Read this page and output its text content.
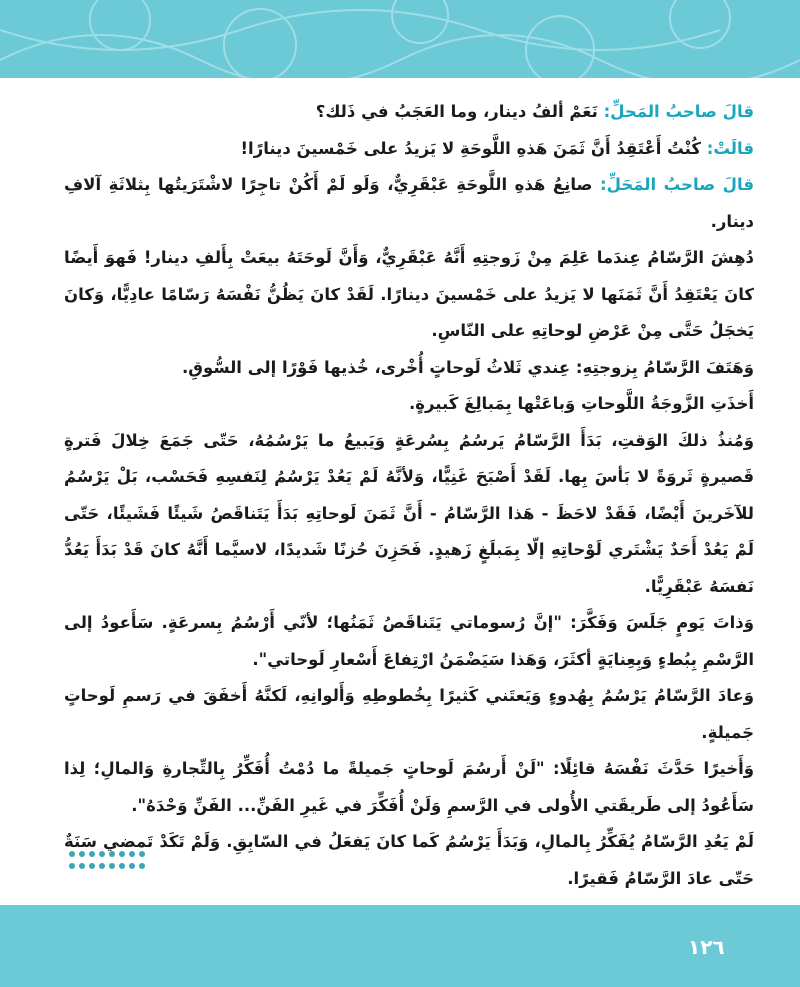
قالَ صاحبُ المَحلِّ: نَعَمْ ألفُ دينار، وما العَجَبُ في ذَلك؟

قالَتْ: كُنْتُ أَعْتَقِدُ أَنَّ ثَمَنَ هَذهِ اللَّوحَةِ لا يَزيدُ على خَمْسينَ دينارًا!

قالَ صاحبُ المَحَلِّ: صانِعُ هَذهِ اللَّوحَةِ عَبْقَرِيٌّ، وَلَو لَمْ أَكُنْ تاجِرًا لاشْتَرَيتُها بِثلاثَةِ آلافِ دينار.

دُهِشَ الرَّسّامُ عِندَما عَلِمَ مِنْ زَوجتِهِ أَنَّهُ عَبْقَرِيٌّ، وَأَنَّ لَوحَتَهُ بيعَتْ بِأَلفِ دينار! فَهوَ أَيضًا كانَ يَعْتَقِدُ أَنَّ ثَمَنَها لا يَزيدُ على خَمْسينَ دينارًا. لَقَدْ كانَ يَظُنُّ نَفْسَهُ رَسّامًا عادِيًّا، وَكانَ يَخجَلُ حَتَّى مِنْ عَرْضِ لوحاتِهِ على النّاسِ.

وَهَتَفَ الرَّسّامُ بِزوجتِهِ: عِندي ثَلاثُ لَوحاتٍ أُخْرى، خُذيها فَوْرًا إلى السُّوقِ.

أَخذَتِ الزَّوجَةُ اللَّوحاتِ وَباعَتْها بِمَبالِغَ كَبيرةٍ.

وَمُنذُ ذلكَ الوَقتِ، بَدَأَ الرَّسّامُ يَرسُمُ بِسُرعَةٍ وَيَبيعُ ما يَرْسُمُهُ، حَتّى جَمَعَ خِلالَ فَترةٍ قَصيرةٍ ثَروَةً لا بَأسَ بِها. لَقَدْ أَصْبَحَ غَنِيًّا، وَلأنَّهُ لَمْ يَعُدْ يَرْسُمُ لِنَفسِهِ فَحَسْب، بَلْ يَرْسُمُ للآخَرينَ أَيْضًا، فَقَدْ لاحَظَ - هَذا الرَّسّامُ - أَنَّ ثَمَنَ لَوحاتِهِ بَدَأَ يَتَناقَصُ شَيئًا فَشَيئًا، حَتّى لَمْ يَعُدْ أَحَدٌ يَشْتَري لَوْحاتِهِ إلّا بِمَبلَغٍ زَهيدٍ. فَحَزِنَ حُزنًا شَديدًا، لاسيَّما أَنَّهُ كانَ قَدْ بَدَأَ يَعُدُّ نَفسَهُ عَبْقَرِيًّا.

وَذاتَ يَومٍ جَلَسَ وَفَكَّرَ: "إنَّ رُسوماتي يَتَناقَصُ ثَمَنُها؛ لأنّي أَرْسُمُ بِسرعَةٍ. سَأَعودُ إلى الرَّسْمِ بِبُطءٍ وَبِعِنايَةٍ أكثَرَ، وَهَذا سَيَضْمَنُ ارْتِفاعَ أَسْعارِ لَوحاتي".

وَعادَ الرَّسّامُ يَرْسُمُ بِهُدوءٍ وَيَعتَني كَثيرًا بِخُطوطِهِ وَأَلوانِهِ، لَكنَّهُ أَخفَقَ في رَسمِ لَوحاتٍ جَميلةٍ.

وَأَخيرًا حَدَّثَ نَفْسَهُ قائِلًا: "لَنْ أَرسُمَ لَوحاتٍ جَميلةً ما دُمْتُ أُفَكِّرُ بِالتِّجارةِ وَالمالِ؛ لِذا سَأَعُودُ إلى طَريقَتي الأُولى في الرَّسمِ وَلَنْ أُفَكِّرَ في غَيرِ الفَنِّ... الفَنِّ وَحْدَهُ".

لَمْ يَعُدِ الرَّسّامُ يُفَكِّرُ بِالمالِ، وَبَدَأَ يَرْسُمُ كَما كانَ يَفعَلُ في السّابِقِ. وَلَمْ تَكَدْ تَمضي سَنَةٌ حَتّى عادَ الرَّسّامُ فَقيرًا.

١٢٦
